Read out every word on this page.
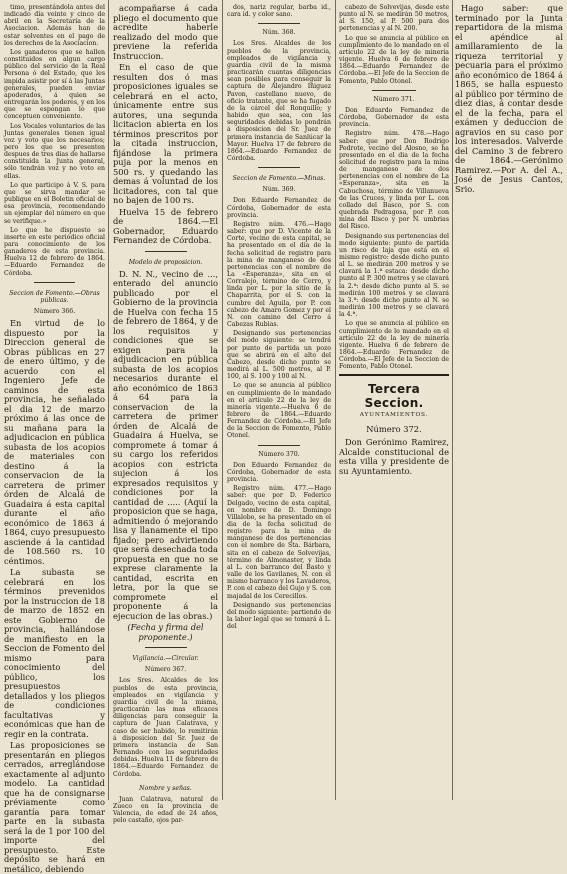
timo, presentándola antes del indicado día veinte y cinco de abril en la Secretaría de la Asociacion. Además han de estar solventes en el pago de los derechos de la Asociacion.

Los ganaderos que se hallen constituidos en algun cargo público del servicio de la Real Persona ó del Estado, que les impida asistir por sí á las Juntas generales, pueden enviar apoderados, á quien se entregarán los poderes, y en los que se espongan lo que conceptuen conveniente.

Los Vocales voluntarios de las Juntas generales tienen igual voz y voto que los necesarios; pero los que se presenten despues de tres dias de hallarse constituida la Junta general, sólo tendrán voz y no voto en ellas.

Lo que participo á V. S. para que se sirva mandar se publique en el Boletin oficial de esa provincia, recomendando un ejemplar del número en que se verifique.»

Lo que he dispuesto se inserte en este periódico oficial para conocimiento de los ganaderos de esta provincia. Huelva 12 de febrero de 1864.—Eduardo Fernandez de Córdoba.

Seccion de Fomento.—Obras públicas.

Número 366.

En virtud de lo dispuesto por la Direccion general de Obras públicas en 27 de enero último, y de acuerdo con el Ingeniero Jefe de caminos de esta provincia, he señalado el dia 12 de marzo próximo á las once de su mañana para la adjudicacion en pública subasta de los acopios de materiales con destino á la conservacion de la carretera de primer órden de Alcalá de Guadaira á esta capital durante el año económico de 1863 á 1864, cuyo presupuesto asciende á la cantidad de 108.560 rs. 10 céntimos.

La subasta se celebrará en los términos prevenidos por la instruccion de 18 de marzo de 1852 en este Gobierno de provincia, hallándose de manifiesto en la Seccion de Fomento del mismo para conocimiento del público, los presupuestos detallados y los pliegos de condiciones facultativas y económicas que han de regir en la contrata.

Las proposiciones se presentarán en pliegos cerrados, arreglándose exactamente al adjunto modelo. La cantidad que ha de consignarse préviamente como garantía para tomar parte en la subasta será la de 1 por 100 del importe del presupuesto. Este depósito se hará en metálico, debiendo

acompañarse á cada pliego el documento que acredite haberle realizado del modo que previene la referida Instruccion.

En el caso de que resulten dos ó mas proposiciones iguales se celebrará en el acto, únicamente entre sus autores, una segunda licitacion abierta en los términos prescritos por la citada instruccion, fijándose la primera puja por la menos en 500 rs. y quedando las demas á voluntad de los licitadores, con tal que no bajen de 100 rs.

Huelva 15 de febrero de 1864.—El Gobernador, Eduardo Fernandez de Córdoba.

Modelo de proposicion.

D. N. N., vecino de ..., enterado del anuncio publicado por el Gobierno de la provincia de Huelva con fecha 15 de febrero de 1864, y de los requisitos y condiciones que se exigen para la adjudicacion en pública subasta de los acopios necesarios durante el año económico de 1863 á 64 para la conservacion de la carretera de primer órden de Alcalá de Guadaira á Huelva, se compromete á tomar á su cargo los referidos acopios con estricta sujecion á los expresados requisitos y condiciones por la cantidad de ..... (Aquí la proposicion que se haga, admitiendo ó mejorando lisa y llanamente el tipo fijado; pero advirtiendo que será desechada toda propuesta en que no se exprese claramente la cantidad, escrita en letra, por la que se compromete el proponente á la ejecucion de las obras.)

(Fecha y firma del proponente.)

Vigilancia.—Circular.

Número 367.

Los Sres. Alcaldes de los pueblos de esta provincia, empleados en vigilancia y guardia civil de la misma, practicarán las mas eficaces diligencias para conseguir la captura de Juan Calatrava, y caso de ser habido, lo remitirán á disposicion del Sr. Juez de primera instancia de San Fernando con las seguridades debidas. Huelva 11 de febrero de 1864.—Eduardo Fernandez de Córdoba.

Nombre y señas.

Juan Calatrava, natural de Zueco en la provincia de Valencia, de edad de 24 años, pelo castaño, ojos par-

dos, nariz regular, barba id., cara id. y color sano.

Núm. 368.

Los Sres. Alcaldes de los pueblos de la provincia, empleados de vigilancia y guardia civil de la misma practicarán cuantas diligencias sean posibles para conseguir la captura de Alejandro Iñiguez Pavon, castellano nuevo, de oficio tratante, que se ha fugado de la cárcel del Ronquillo; y habido que sea, con las seguridades debidas lo pondrán á disposicion del Sr. Juez de primera instancia de Sanlúcar la Mayor. Huelva 17 de febrero de 1864.—Eduardo Fernandez de Córdoba.

Seccion de Fomento.—Minas.

Núm. 369.

Don Eduardo Fernandez de Córdoba, Gobernador de esta provincia.

Registro núm. 476.—Hago saber: que por D. Vicente de la Corte, vecino de esta capital, se ha presentado en el dia de la fecha solicitud de registro para la mina de manganeso de dos pertenencias con el nombre de La «Esperanza», sita en el Corralejo, término de Cerro, y linda por L. por la sitio de la Chaparrita, por el S. con la cumbre del Aguila, por P. con cabezo de Amaro Gomez y por el N. con camino del Cerro á Cabezas Rubias.

Designando sus pertenencias del modo siguiente: se tendrá por punto de partida un pozo que se abrirá en el alto del Cabezo, desde dicho punto se medirá al L. 500 metros, al P. 100, al S. 100 y 100 al N.

Lo que se anuncia al público en cumplimiento de lo mandado en el artículo 22 de la ley de minería vigente.—Huelva 6 de febrero de 1864.—Eduardo Fernandez de Córdoba.—El Jefe de la Seccion de Fomento, Pablo Otonel.

Número 370.

Don Eduardo Fernandez de Córdoba, Gobernador de esta provincia.

Registro núm. 477.—Hago saber: que por D. Federico Delgado, vecino de esta capital, en nombre de D. Domingo Villalobo, se ha presentado en el dia de la fecha solicitud de registro para la mina de manganeso de dos pertenencias con el nombre de Sta. Bárbara, sita en el cabezo de Solvevijas, término de Almonaster, y linda al L. con barranco del Basto y valle de los Gavilanes, N. con el mismo barranco y los Lavaderos, P. con el cabezo del Gujo y S. con majadal de los Cerecillos.

Designando sus pertenencias del modo siguiente: partiendo de la labor legal que se tomará á L. del

cabezo de Solvevijas, desde este punto al N. se medirán 50 metros, al S. 150, al P. 500 para dos pertenencias y al N. 200.

Lo que se anuncia al público en cumplimiento de lo mandado en el artículo 22 de la ley de minería vigente. Huelva 6 de febrero de 1864.—Eduardo Fernandez de Córdoba.—El Jefe de la Seccion de Fomento, Pablo Otonel.

Número 371.

Don Eduardo Fernandez de Córdoba, Gobernador de esta provincia.

Registro núm. 478.—Hago saber: que por Don Rodrigo Pedrote, vecino del Alosno, se ha presentado en el dia de la fecha solicitud de registro para la mina de manganeso de dos pertenencias con el nombre de La «Esperanza», sita en la Cabuchosa, término de Villanueva de las Cruces, y linda por L. con collado del Basco, por S. con quebrada Pedragosa, por P. con mina del Risco y por N. umbrias del Risco.

Designando sus pertenencias del modo siguiente: punto de partida un risco de laja que está en el mismo registro: desde dicho punto al L. se medirán 200 metros y se clavará la 1.ª estaca: desde dicho punto al P. 300 metros y se clavará la 2.ª: desde dicho punto al S. se medirán 100 metros y se clavará la 3.ª: desde dicho punto al N. se medirán 100 metros y se clavará la 4.ª.

Lo que se anuncia al público en cumplimiento de lo mandado en el artículo 22 de la ley de minería vigente. Huelva 6 de febrero de 1864.—Eduardo Fernandez de Córdoba.—El Jefe de la Seccion de Fomento, Pablo Otonel.

Tercera Seccion.

AYUNTAMIENTOS.

Número 372.

Don Gerónimo Ramirez, Alcalde constitucional de esta villa y presidente de su Ayuntamiento.

Hago saber: que terminado por la Junta repartidora de la misma el apéndice al amillaramiento de la riqueza territorial y pecuaria para el próximo año económico de 1864 á 1865, se halla espuesto al público por término de diez dias, á contar desde el de la fecha, para el exámen y deduccion de agravios en su caso por los interesados. Valverde del Camino 3 de febrero de 1864.—Gerónimo Ramirez.—Por A. del A., José de Jesus Cantos, Srio.
